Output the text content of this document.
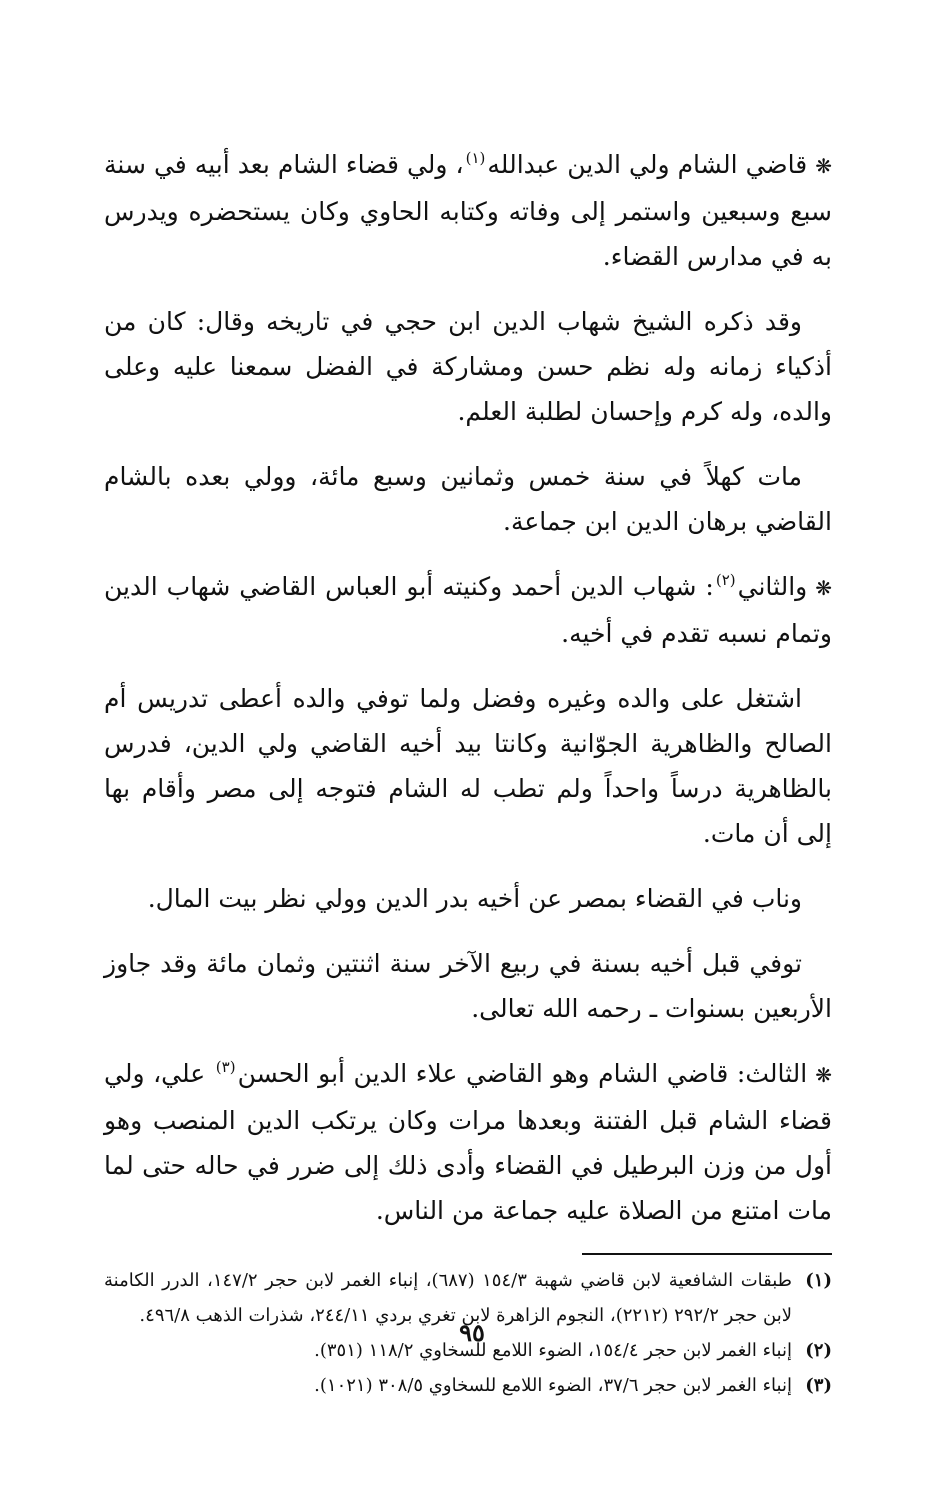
❋قاضي الشام ولي الدين عبدالله$^{(١)}$، ولي قضاء الشام بعد أبيه في سنة سبع وسبعين واستمر إلى وفاته وكتابه الحاوي وكان يستحضره ويدرس به في مدارس القضاء.

وقد ذكره الشيخ شهاب الدين ابن حجي في تاريخه وقال: كان من أذكياء زمانه وله نظم حسن ومشاركة في الفضل سمعنا عليه وعلى والده، وله كرم وإحسان لطلبة العلم.

مات كهلاً في سنة خمس وثمانين وسبع مائة، وولي بعده بالشام القاضي برهان الدين ابن جماعة.

❋والثاني$^{(٢)}$: شهاب الدين أحمد وكنيته أبو العباس القاضي شهاب الدين وتمام نسبه تقدم في أخيه.

اشتغل على والده وغيره وفضل ولما توفي والده أعطى تدريس أم الصالح والظاهرية الجوّانية وكانتا بيد أخيه القاضي ولي الدين، فدرس بالظاهرية درساً واحداً ولم تطب له الشام فتوجه إلى مصر وأقام بها إلى أن مات.

وناب في القضاء بمصر عن أخيه بدر الدين وولي نظر بيت المال.

توفي قبل أخيه بسنة في ربيع الآخر سنة اثنتين وثمان مائة وقد جاوز الأربعين بسنوات ـ رحمه الله تعالى.

❋الثالث: قاضي الشام وهو القاضي علاء الدين أبو الحسن$^{(٣)}$ علي، ولي قضاء الشام قبل الفتنة وبعدها مرات وكان يرتكب الدين المنصب وهو أول من وزن البرطيل في القضاء وأدى ذلك إلى ضرر في حاله حتى لما مات امتنع من الصلاة عليه جماعة من الناس.

(١)
طبقات الشافعية لابن قاضي شهبة ١٥٤/٣ (٦٨٧)، إنباء الغمر لابن حجر ١٤٧/٢، الدرر الكامنة لابن حجر ٢٩٢/٢ (٢٢١٢)، النجوم الزاهرة لابن تغري بردي ٢٤٤/١١، شذرات الذهب ٤٩٦/٨.
(٢)
إنباء الغمر لابن حجر ١٥٤/٤، الضوء اللامع للسخاوي ١١٨/٢ (٣٥١).
(٣)
إنباء الغمر لابن حجر ٣٧/٦، الضوء اللامع للسخاوي ٣٠٨/٥ (١٠٢١).
٩٥
